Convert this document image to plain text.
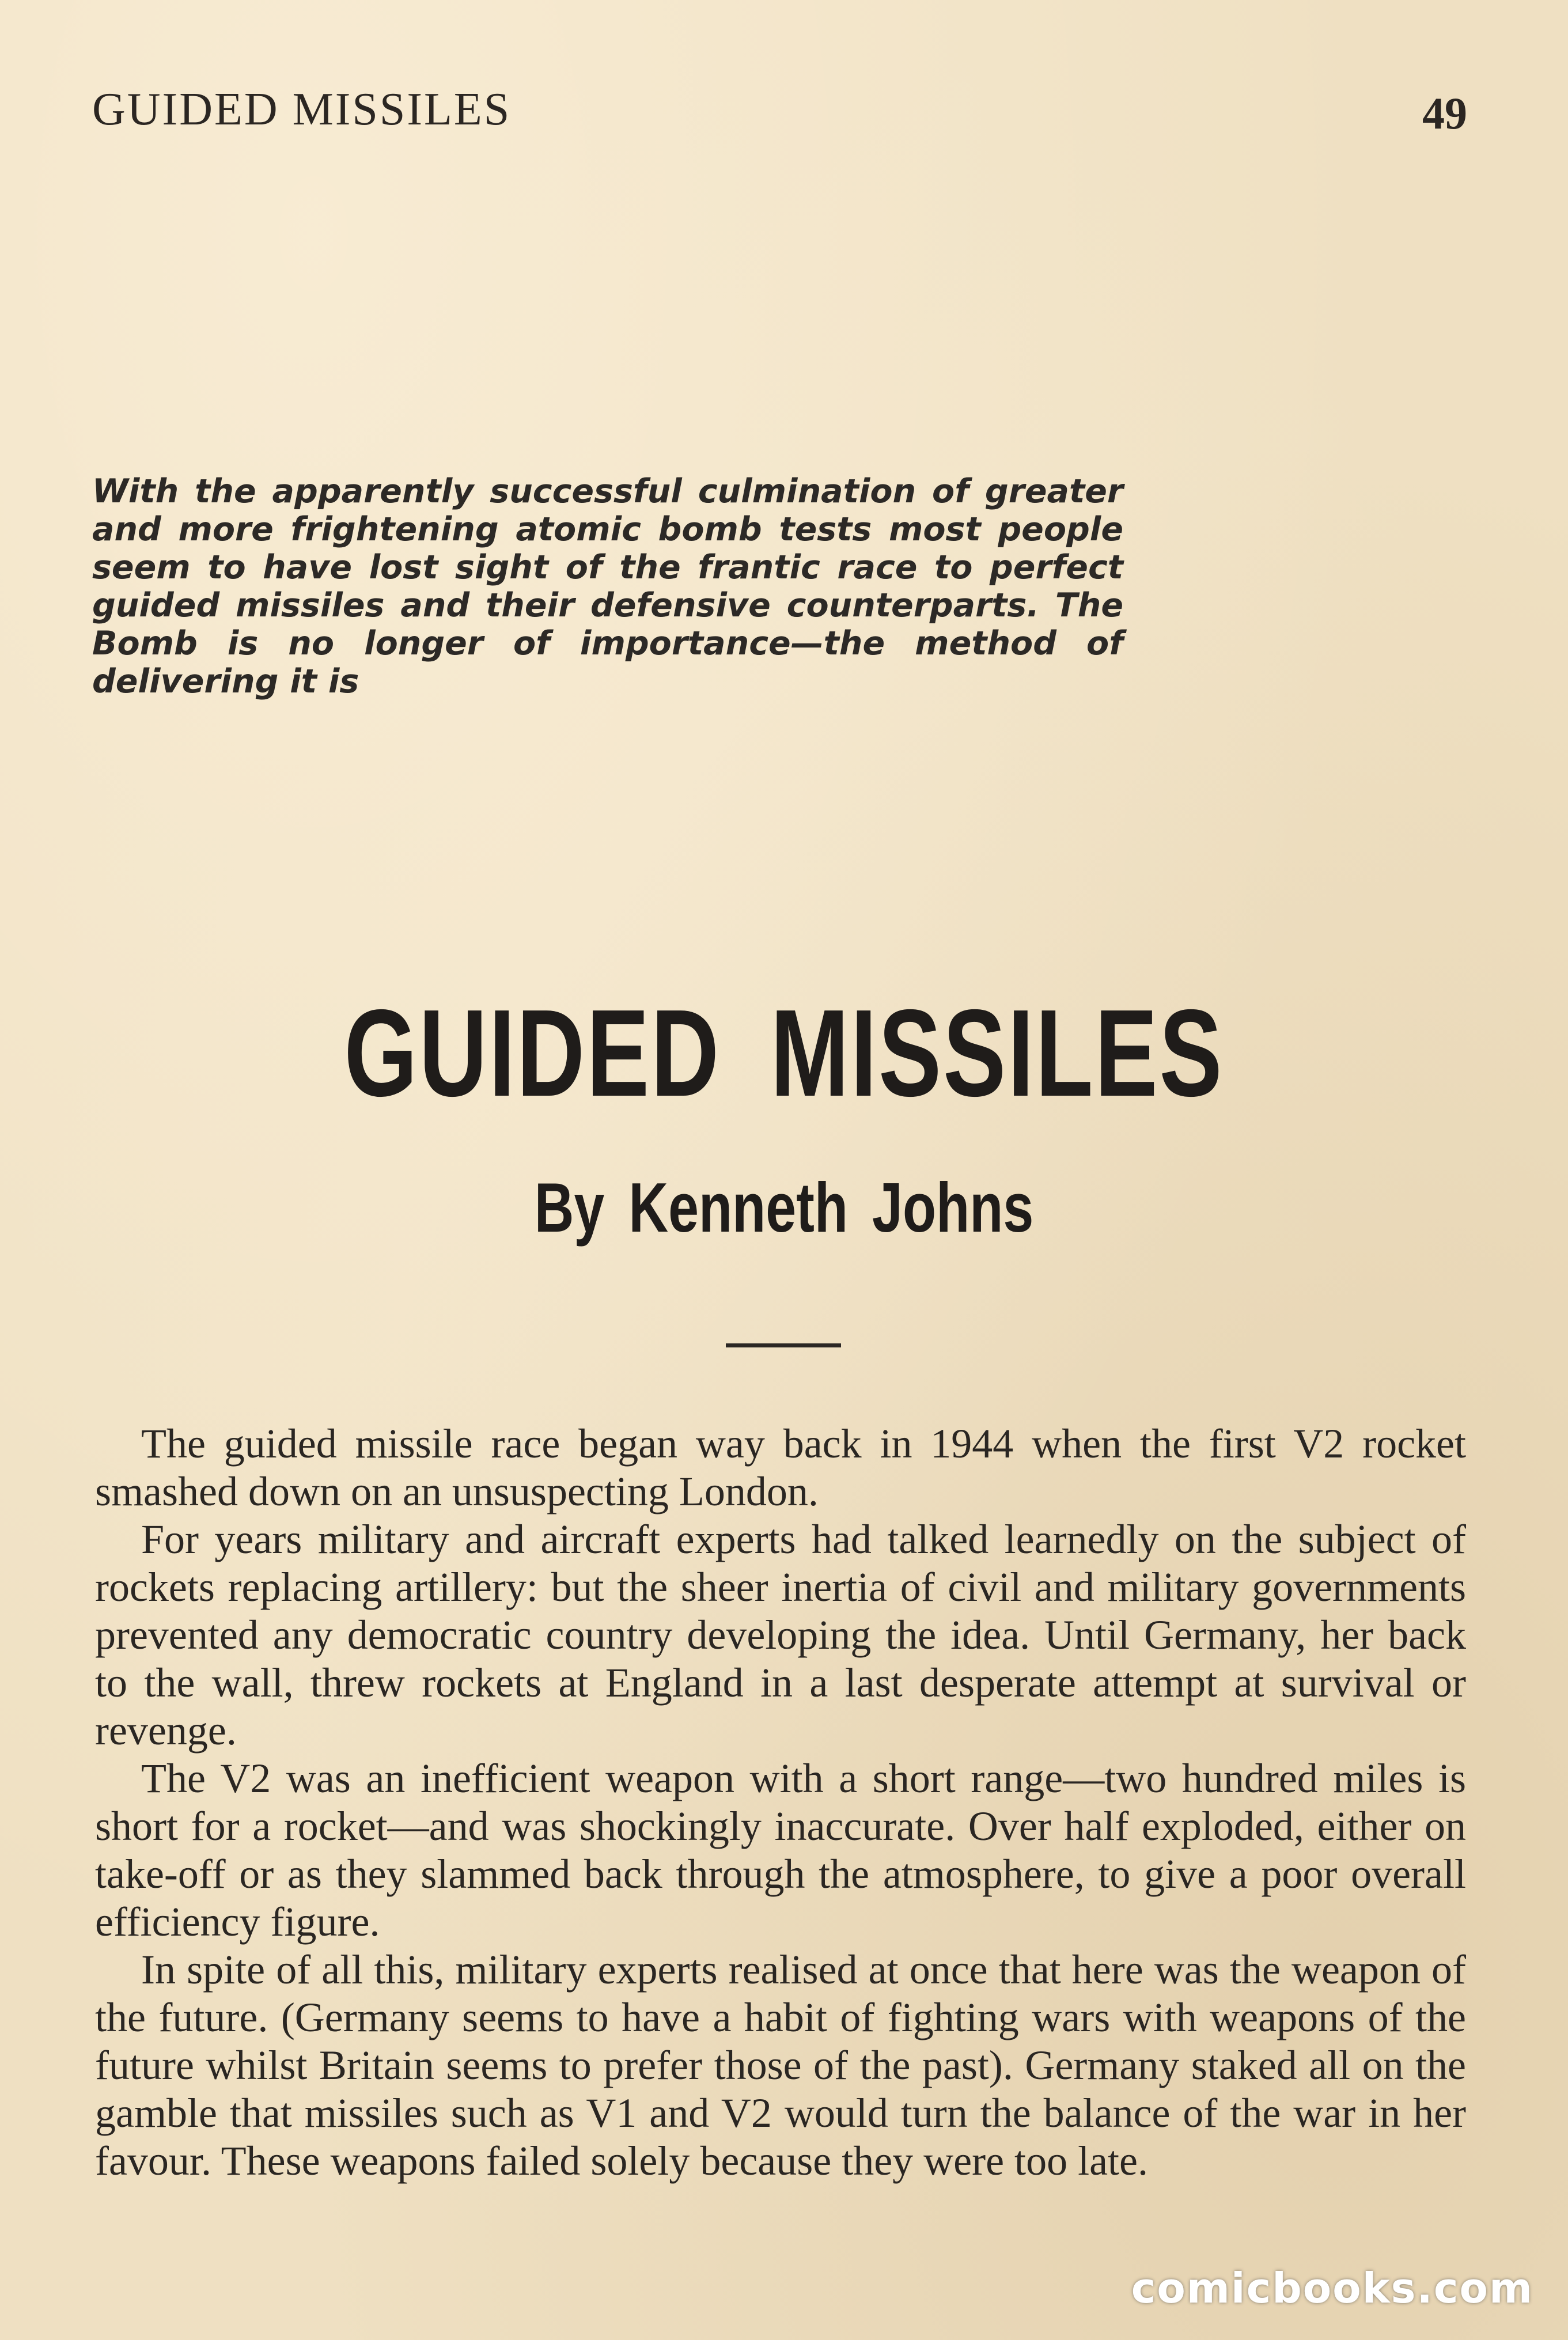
GUIDED MISSILES	49
With the apparently successful culmination of greater and more frightening atomic bomb tests most people seem to have lost sight of the frantic race to perfect guided missiles and their defensive counterparts. The Bomb is no longer of importance—the method of delivering it is
GUIDED MISSILES
By Kenneth Johns

The guided missile race began way back in 1944 when the first V2 rocket smashed down on an unsuspecting London.

For years military and aircraft experts had talked learnedly on the subject of rockets replacing artillery: but the sheer inertia of civil and military governments prevented any democratic country developing the idea. Until Germany, her back to the wall, threw rockets at England in a last desperate attempt at survival or revenge.

The V2 was an inefficient weapon with a short range—two hundred miles is short for a rocket—and was shockingly inaccurate. Over half exploded, either on take-off or as they slammed back through the atmosphere, to give a poor overall efficiency figure.

In spite of all this, military experts realised at once that here was the weapon of the future. (Germany seems to have a habit of fighting wars with weapons of the future whilst Britain seems to prefer those of the past). Germany staked all on the gamble that missiles such as V1 and V2 would turn the balance of the war in her favour. These weapons failed solely because they were too late.

comicbooks.com
